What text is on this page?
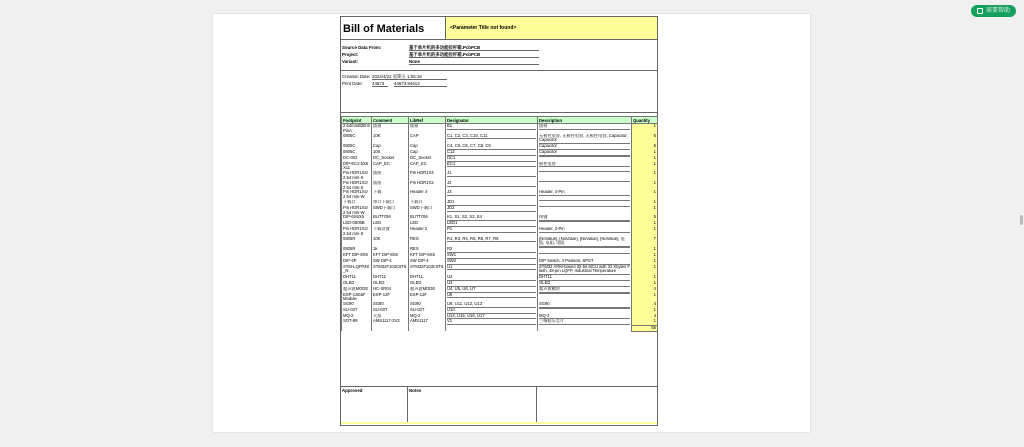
需要帮助
Bill of Materials	<Parameter Title not found>
Source Data From:	基于单片机的多功能拉杆箱.PcbPCB
Project:	基于单片机的多功能拉杆箱.PcbPCB
Variant:	None
Creation Date: 2022/4/22 星期五 1:05:16
Print Date:	44673	44673.94613
Footprint	Comment	LibRef	Designator	Description	Quantity
2.54mmB2B-8PinA	插排	插排	B1	插排	1
0805C	10K	CAP	C1, C2, C3, C10, C11	无极性电容, 无极性电容, 无极性电容, Capacitor, Capacitor	5
0805C	Cap	Cap	C4, C5, C6, C7, C8, C9	Capacitor	6
0805C	106	Cap	C12	Capacitor	1
DC-002	DC_Socket	DC_Socket	DC1		1
DIP-EC2.5X5X11	CAP_EC	CAP_EC	EC1	极性电容	1
Pin HDR1X4/2.54 mm-S	插座	Pin HDR1X4	J1		1
Pin HDR1X2/2.54 mm-S	插座	Pin HDR1X2	J2		1
Pin HDR1X4/2.54 mm-W	下载	Header 4	J3	Header, 4-Pin	1
下载口	串口下载口	下载口	JD1		1
Pin HDR1X4/2.54 mm-W	SWD下载口	SWD下载口	JD2		1
DIP-6X6X5	BUTTOM	BUTTOM	K1, S1, S2, S3, S4	按键	5
LED-0805B	LED	LED	LED1		1
Pin HDR1X2/2.54 mm-S	下载设置	Header 2	P1	Header, 2-Pin	1
0805R	10K	RES	R1, R3, R4, R5, R6, R7, R8	[NoValue], [NoValue], [NoValue], [NoValue], 电阻, 电阻, 电阻	7
0805R	1k	RES	R2		1
KFT DIP-8X6	KFT DIP-8X6	KFT DIP-8X6	SW1		1
DIP-4P	SW DIP-4	SW DIP-4	SW2	DIP Switch, 4 Position, SPST	1
STM-LQFP48_N	STM32F103C8T6	STM32F103C8T6	U1	STM32 ARM-based 32-bit MCU with 32 Kbytes Flash, 48-pin LQFP, Industrial Temperature	1
DHT11	DHT11	DHT11	U2	DHT11	1
OLED	OLED	OLED	U3	OLED	1
超声波MODE	HC-SR04	超声波MODE	U4, U5, U6, U7	超声波模块	4
ESP-12E&F Module	ESP-12F	ESP-12F	U8		1
SG90	SG90	SG90	U9, U11, U12, U13	SG90	4
SU-03T	SU-03T	SU-03T	U10		1
MQ-2	火焰	MQ-2	U14, U15, U16, U17	MQ-2	4
SOT-89	AMS1117-3V3	AMS1117	V1	三端稳压芯片	1
					55
Approved	Notes
